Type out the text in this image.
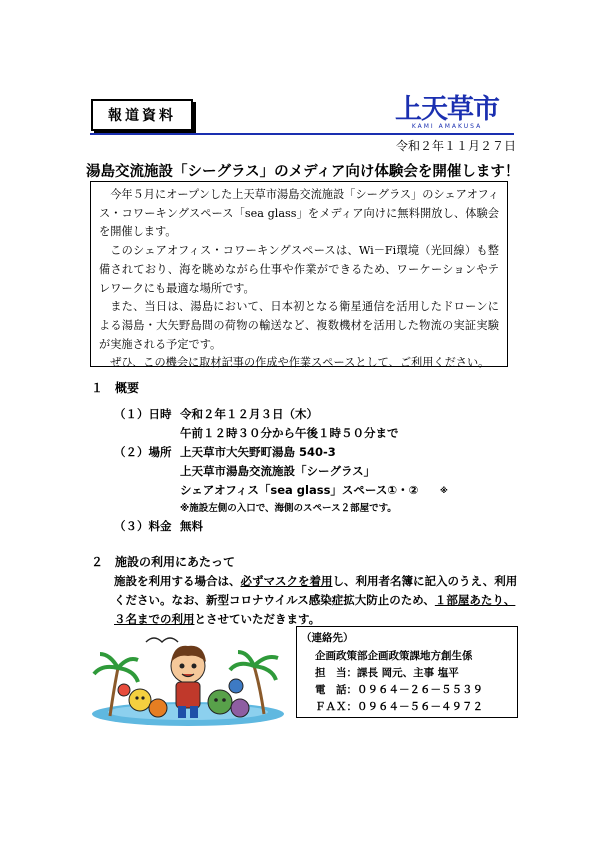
報道資料	上天草市
KAMI AMAKUSA
令和２年１１月２７日
湯島交流施設「シーグラス」のメディア向け体験会を開催します！

今年５月にオープンした上天草市湯島交流施設「シーグラス」のシェアオフィス・コワーキングスペース「sea glass」をメディア向けに無料開放し、体験会を開催します。

このシェアオフィス・コワーキングスペースは、Wi－Fi環境（光回線）も整備されており、海を眺めながら仕事や作業ができるため、ワーケーションやテレワークにも最適な場所です。

また、当日は、湯島において、日本初となる衛星通信を活用したドローンによる湯島・大矢野島間の荷物の輸送など、複数機材を活用した物流の実証実験が実施される予定です。

ぜひ、この機会に取材記事の作成や作業スペースとして、ご利用ください。

１　概要
（１）日時 令和２年１２月３日（木）
午前１２時３０分から午後１時５０分まで
（２）場所 上天草市大矢野町湯島 540-3
上天草市湯島交流施設「シーグラス」
シェアオフィス「sea glass」スペース①・②	※
※施設左側の入口で、海側のスペース２部屋です。
（３）料金 無料
２　施設の利用にあたって
施設を利用する場合は、必ずマスクを着用し、利用者名簿に記入のうえ、利用ください。なお、新型コロナウイルス感染症拡大防止のため、１部屋あたり、３名までの利用とさせていただきます。
（連絡先）
企画政策部企画政策課地方創生係
担　当：課長 岡元、主事 塩平
電　話：０９６４－２６－５５３９
ＦＡＸ：０９６４－５６－４９７２
